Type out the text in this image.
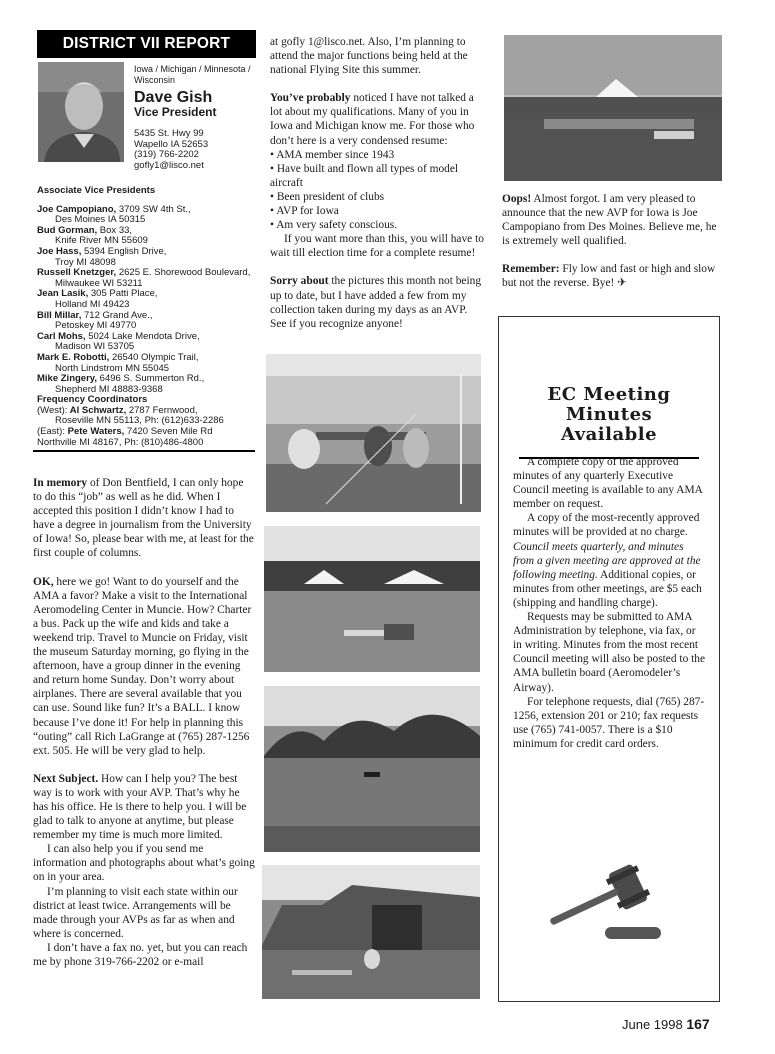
DISTRICT VII REPORT
Iowa / Michigan / Minnesota / Wisconsin
Dave Gish
Vice President
5435 St. Hwy 99
Wapello IA 52653
(319) 766-2202
gofly1@lisco.net
Associate Vice Presidents
Joe Campopiano, 3709 SW 4th St.,
Des Moines IA 50315
Bud Gorman, Box 33,
Knife River MN 55609
Joe Hass, 5394 English Drive,
Troy MI 48098
Russell Knetzger, 2625 E. Shorewood Boulevard,
Milwaukee WI 53211
Jean Lasik, 305 Patti Place,
Holland MI 49423
Bill Millar, 712 Grand Ave.,
Petoskey MI 49770
Carl Mohs, 5024 Lake Mendota Drive,
Madison WI 53705
Mark E. Robotti, 26540 Olympic Trail,
North Lindstrom MN 55045
Mike Zingery, 6496 S. Summerton Rd.,
Shepherd MI 48883-9368
Frequency Coordinators
(West): Al Schwartz, 2787 Fernwood,
Roseville MN 55113, Ph: (612)633-2286
(East): Pete Waters, 7420 Seven Mile Rd
Northville MI 48167, Ph: (810)486-4800

In memory of Don Bentfield, I can only hope to do this “job” as well as he did. When I accepted this position I didn’t know I had to have a degree in journalism from the University of Iowa! So, please bear with me, at least for the first couple of columns.

OK, here we go! Want to do yourself and the AMA a favor? Make a visit to the International Aeromodeling Center in Muncie. How? Charter a bus. Pack up the wife and kids and take a weekend trip. Travel to Muncie on Friday, visit the museum Saturday morning, go flying in the afternoon, have a group dinner in the evening and return home Sunday. Don’t worry about airplanes. There are several available that you can use. Sound like fun? It’s a BALL. I know because I’ve done it! For help in planning this “outing” call Rich LaGrange at (765) 287-1256 ext. 505. He will be very glad to help.

Next Subject. How can I help you? The best way is to work with your AVP. That’s why he has his office. He is there to help you. I will be glad to talk to anyone at anytime, but please remember my time is much more limited.

I can also help you if you send me information and photographs about what’s going on in your area.

I’m planning to visit each state within our district at least twice. Arrangements will be made through your AVPs as far as when and where is concerned.

I don’t have a fax no. yet, but you can reach me by phone 319-766-2202 or e-mail

at gofly 1@lisco.net. Also, I’m planning to attend the major functions being held at the national Flying Site this summer.

You’ve probably noticed I have not talked a lot about my qualifications. Many of you in Iowa and Michigan know me. For those who don’t here is a very condensed resume:

• AMA member since 1943
• Have built and flown all types of model aircraft
• Been president of clubs
• AVP for Iowa
• Am very safety conscious.

If you want more than this, you will have to wait till election time for a complete resume!

Sorry about the pictures this month not being up to date, but I have added a few from my collection taken during my days as an AVP. See if you recognize anyone!

Oops! Almost forgot. I am very pleased to announce that the new AVP for Iowa is Joe Campopiano from Des Moines. Believe me, he is extremely well qualified.

Remember: Fly low and fast or high and slow but not the reverse. Bye! ✈

EC Meeting
Minutes
Available

A complete copy of the approved minutes of any quarterly Executive Council meeting is available to any AMA member on request.

A copy of the most-recently approved minutes will be provided at no charge. Council meets quarterly, and minutes from a given meeting are approved at the following meeting. Additional copies, or minutes from other meetings, are $5 each (shipping and handling charge).

Requests may be submitted to AMA Administration by telephone, via fax, or in writing. Minutes from the most recent Council meeting will also be posted to the AMA bulletin board (Aeromodeler’s Airway).

For telephone requests, dial (765) 287-1256, extension 201 or 210; fax requests use (765) 741-0057. There is a $10 minimum for credit card orders.

June 1998 167
